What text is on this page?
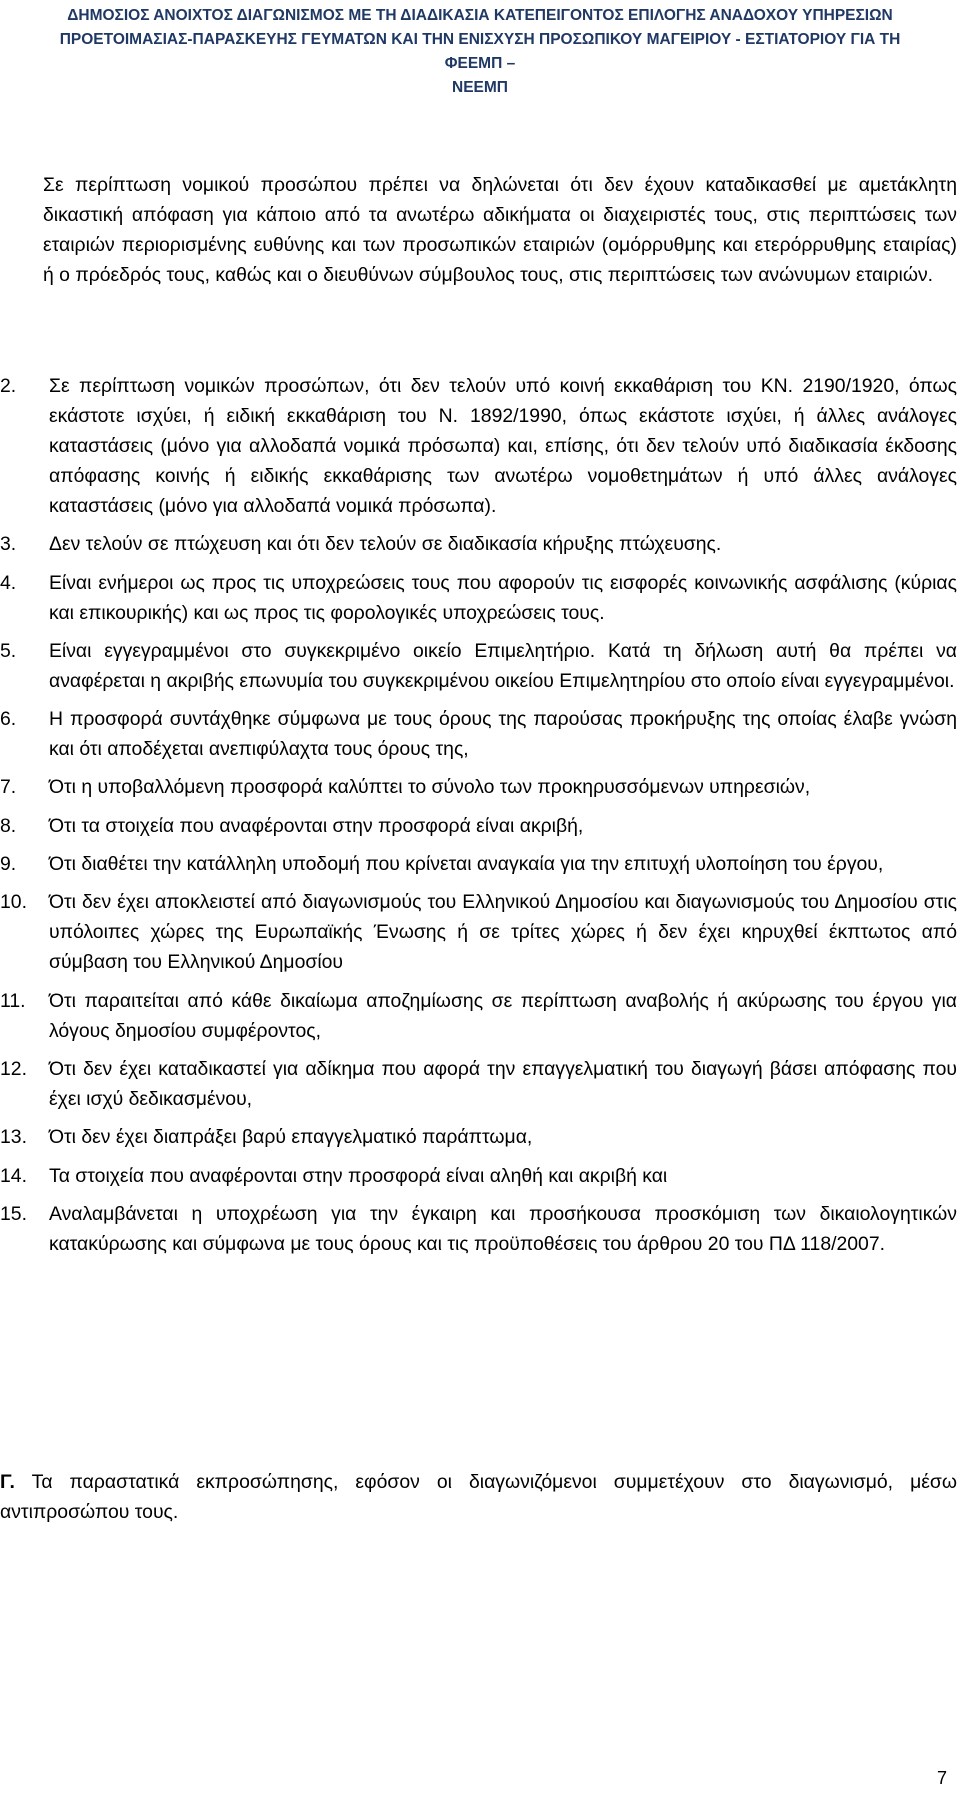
ΔΗΜΟΣΙΟΣ ΑΝΟΙΧΤΟΣ ΔΙΑΓΩΝΙΣΜΟΣ ΜΕ ΤΗ ΔΙΑΔΙΚΑΣΙΑ ΚΑΤΕΠΕΙΓΟΝΤΟΣ ΕΠΙΛΟΓΗΣ ΑΝΑΔΟΧΟΥ ΥΠΗΡΕΣΙΩΝ
ΠΡΟΕΤΟΙΜΑΣΙΑΣ-ΠΑΡΑΣΚΕΥΗΣ ΓΕΥΜΑΤΩΝ ΚΑΙ ΤΗΝ ΕΝΙΣΧΥΣΗ ΠΡΟΣΩΠΙΚΟΥ ΜΑΓΕΙΡΙΟΥ - ΕΣΤΙΑΤΟΡΙΟΥ ΓΙΑ ΤΗ ΦΕΕΜΠ –
ΝΕΕΜΠ

Σε περίπτωση νομικού προσώπου πρέπει να δηλώνεται ότι δεν έχουν καταδικασθεί με αμετάκλητη δικαστική απόφαση για κάποιο από τα ανωτέρω αδικήματα οι διαχειριστές τους, στις περιπτώσεις των εταιριών περιορισμένης ευθύνης και των προσωπικών εταιριών (ομόρρυθμης και ετερόρρυθμης εταιρίας) ή ο πρόεδρός τους, καθώς και ο διευθύνων σύμβουλος τους, στις περιπτώσεις των ανώνυμων εταιριών.

2.	Σε περίπτωση νομικών προσώπων, ότι δεν τελούν υπό κοινή εκκαθάριση του ΚΝ. 2190/1920, όπως εκάστοτε ισχύει, ή ειδική εκκαθάριση του Ν. 1892/1990, όπως εκάστοτε ισχύει, ή άλλες ανάλογες καταστάσεις (μόνο για αλλοδαπά νομικά πρόσωπα) και, επίσης, ότι δεν τελούν υπό διαδικασία έκδοσης απόφασης κοινής ή ειδικής εκκαθάρισης των ανωτέρω νομοθετημάτων ή υπό άλλες ανάλογες καταστάσεις (μόνο για αλλοδαπά νομικά πρόσωπα).
3.	Δεν τελούν σε πτώχευση και ότι δεν τελούν σε διαδικασία κήρυξης πτώχευσης.
4.	Είναι ενήμεροι ως προς τις υποχρεώσεις τους που αφορούν τις εισφορές κοινωνικής ασφάλισης (κύριας και επικουρικής) και ως προς τις φορολογικές υποχρεώσεις τους.
5.	Είναι εγγεγραμμένοι στο συγκεκριμένο οικείο Επιμελητήριο. Κατά τη δήλωση αυτή θα πρέπει να αναφέρεται η ακριβής επωνυμία του συγκεκριμένου οικείου Επιμελητηρίου στο οποίο είναι εγγεγραμμένοι.
6.	Η προσφορά συντάχθηκε σύμφωνα με τους όρους της παρούσας προκήρυξης της οποίας έλαβε γνώση και ότι αποδέχεται ανεπιφύλαχτα τους όρους της,
7.	Ότι η υποβαλλόμενη προσφορά καλύπτει το σύνολο των προκηρυσσόμενων υπηρεσιών,
8.	Ότι τα στοιχεία που αναφέρονται στην προσφορά είναι ακριβή,
9.	Ότι διαθέτει την κατάλληλη υποδομή που κρίνεται αναγκαία για την επιτυχή υλοποίηση του έργου,
10.	Ότι δεν έχει αποκλειστεί από διαγωνισμούς του Ελληνικού Δημοσίου και διαγωνισμούς του Δημοσίου στις υπόλοιπες χώρες της Ευρωπαϊκής Ένωσης ή σε τρίτες χώρες ή δεν έχει κηρυχθεί έκπτωτος από σύμβαση του Ελληνικού Δημοσίου
11.	Ότι παραιτείται από κάθε δικαίωμα αποζημίωσης σε περίπτωση αναβολής ή ακύρωσης του έργου για λόγους δημοσίου συμφέροντος,
12.	Ότι δεν έχει καταδικαστεί για αδίκημα που αφορά την επαγγελματική του διαγωγή βάσει απόφασης που έχει ισχύ δεδικασμένου,
13.	Ότι δεν έχει διαπράξει βαρύ επαγγελματικό παράπτωμα,
14.	Τα στοιχεία που αναφέρονται στην προσφορά είναι αληθή και ακριβή και
15.	Αναλαμβάνεται η υποχρέωση για την έγκαιρη και προσήκουσα προσκόμιση των δικαιολογητικών κατακύρωσης και σύμφωνα με τους όρους και τις προϋποθέσεις του άρθρου 20 του ΠΔ 118/2007.

Γ. Τα παραστατικά εκπροσώπησης, εφόσον οι διαγωνιζόμενοι συμμετέχουν στο διαγωνισμό, μέσω αντιπροσώπου τους.

7
